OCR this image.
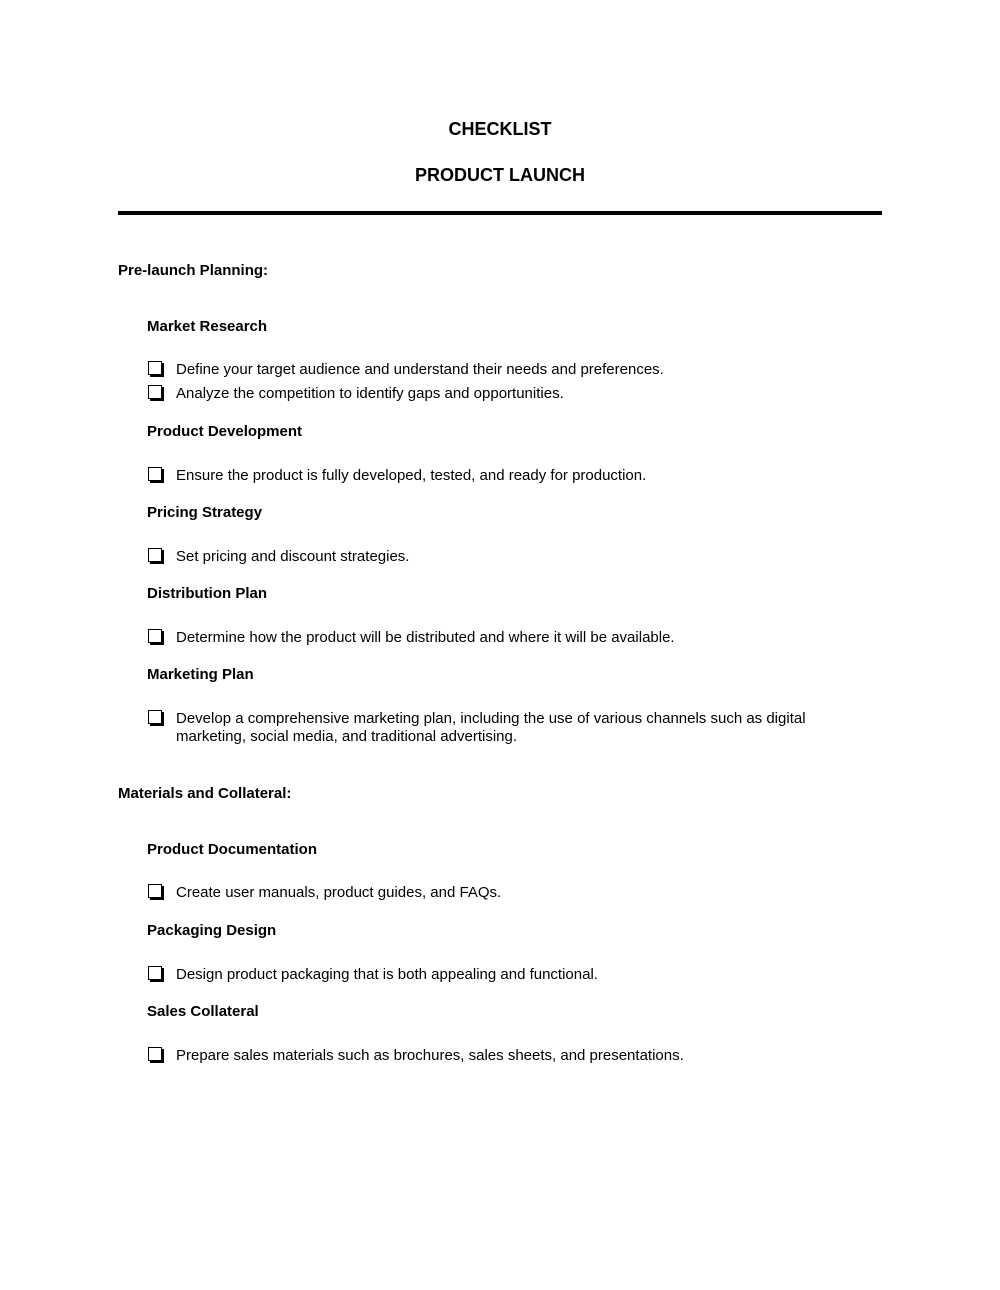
CHECKLIST
PRODUCT LAUNCH
Pre-launch Planning:
Market Research
Define your target audience and understand their needs and preferences.
Analyze the competition to identify gaps and opportunities.
Product Development
Ensure the product is fully developed, tested, and ready for production.
Pricing Strategy
Set pricing and discount strategies.
Distribution Plan
Determine how the product will be distributed and where it will be available.
Marketing Plan
Develop a comprehensive marketing plan, including the use of various channels such as digital marketing, social media, and traditional advertising.
Materials and Collateral:
Product Documentation
Create user manuals, product guides, and FAQs.
Packaging Design
Design product packaging that is both appealing and functional.
Sales Collateral
Prepare sales materials such as brochures, sales sheets, and presentations.
